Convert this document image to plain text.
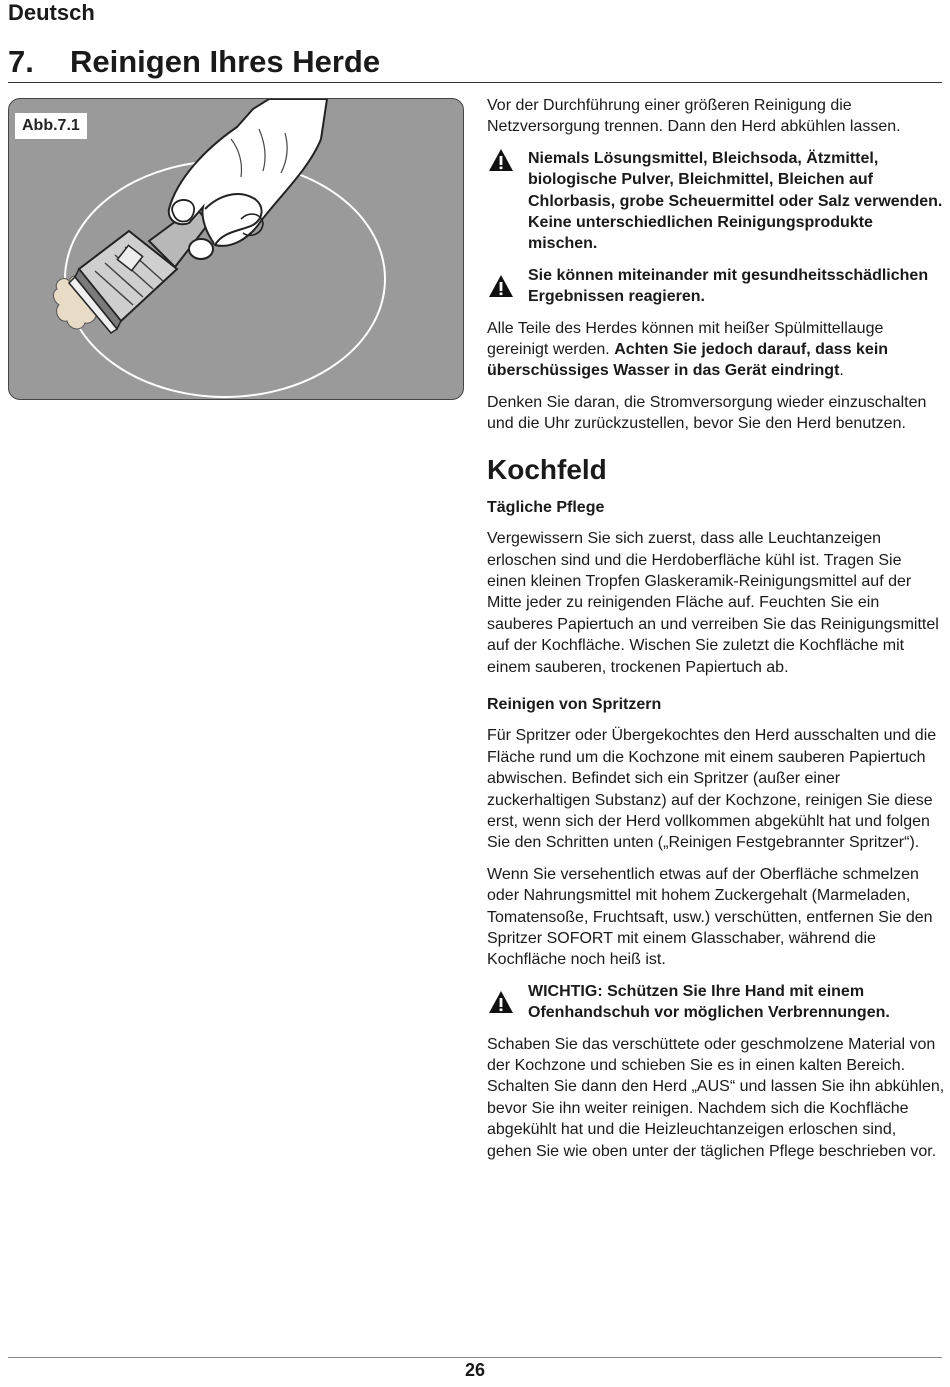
Deutsch
7. Reinigen Ihres Herde
Abb.7.1

Vor der Durchführung einer größeren Reinigung die Netzversorgung trennen. Dann den Herd abkühlen lassen.

Niemals Lösungsmittel, Bleichsoda, Ätzmittel, biologische Pulver, Bleichmittel, Bleichen auf Chlorbasis, grobe Scheuermittel oder Salz verwenden. Keine unterschiedlichen Reinigungsprodukte mischen.
Sie können miteinander mit gesundheitsschädlichen Ergebnissen reagieren.

Alle Teile des Herdes können mit heißer Spülmittellauge gereinigt werden. Achten Sie jedoch darauf, dass kein überschüssiges Wasser in das Gerät eindringt.

Denken Sie daran, die Stromversorgung wieder einzuschalten und die Uhr zurückzustellen, bevor Sie den Herd benutzen.

Kochfeld
Tägliche Pflege

Vergewissern Sie sich zuerst, dass alle Leuchtanzeigen erloschen sind und die Herdoberfläche kühl ist. Tragen Sie einen kleinen Tropfen Glaskeramik-Reinigungsmittel auf der Mitte jeder zu reinigenden Fläche auf. Feuchten Sie ein sauberes Papiertuch an und verreiben Sie das Reinigungsmittel auf der Kochfläche. Wischen Sie zuletzt die Kochfläche mit einem sauberen, trockenen Papiertuch ab.

Reinigen von Spritzern

Für Spritzer oder Übergekochtes den Herd ausschalten und die Fläche rund um die Kochzone mit einem sauberen Papiertuch abwischen. Befindet sich ein Spritzer (außer einer zuckerhaltigen Substanz) auf der Kochzone, reinigen Sie diese erst, wenn sich der Herd vollkommen abgekühlt hat und folgen Sie den Schritten unten („Reinigen Festgebrannter Spritzer“).

Wenn Sie versehentlich etwas auf der Oberfläche schmelzen oder Nahrungsmittel mit hohem Zuckergehalt (Marmeladen, Tomatensoße, Fruchtsaft, usw.) verschütten, entfernen Sie den Spritzer SOFORT mit einem Glasschaber, während die Kochfläche noch heiß ist.

WICHTIG: Schützen Sie Ihre Hand mit einem Ofenhandschuh vor möglichen Verbrennungen.

Schaben Sie das verschüttete oder geschmolzene Material von der Kochzone und schieben Sie es in einen kalten Bereich. Schalten Sie dann den Herd „AUS“ und lassen Sie ihn abkühlen, bevor Sie ihn weiter reinigen. Nachdem sich die Kochfläche abgekühlt hat und die Heizleuchtanzeigen erloschen sind, gehen Sie wie oben unter der täglichen Pflege beschrieben vor.

26
